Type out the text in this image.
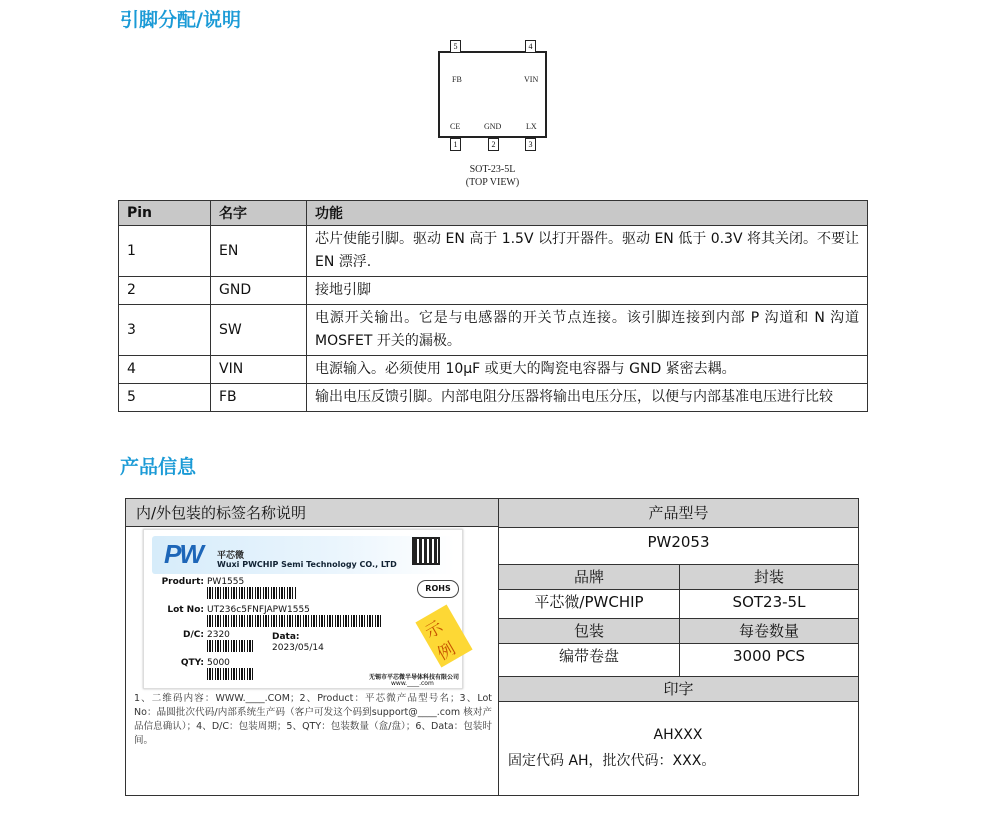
引脚分配/说明
5	4
1	2	3
FB	VIN
CE	GND	LX
SOT-23-5L
(TOP VIEW)
Pin	名字	功能
1	EN	芯片使能引脚。驱动 EN 高于 1.5V 以打开器件。驱动 EN 低于 0.3V 将其关闭。不要让 EN 漂浮.
2	GND	接地引脚
3	SW	电源开关输出。它是与电感器的开关节点连接。该引脚连接到内部 P 沟道和 N 沟道 MOSFET 开关的漏极。
4	VIN	电源输入。必须使用 10μF 或更大的陶瓷电容器与 GND 紧密去耦。
5	FB	输出电压反馈引脚。内部电阻分压器将输出电压分压，以便与内部基准电压进行比较
产品信息
内/外包装的标签名称说明	产品型号
PW2053
品牌	封装
平芯微/PWCHIP	SOT23-5L
包装	每卷数量
编带卷盘	3000 PCS
印字
AHXXX
固定代码 AH，批次代码：XXX。
PW 平芯微
Wuxi PWCHIP Semi Technology CO., LTD
Produrt: PW1555
Lot No: UT236c5FNFJAPW1555
D/C: 2320	Data:
2023/05/14
QTY: 5000
ROHS
示例
无锡市平芯微半导体科技有限公司
www.____.com
1、二维码内容：WWW.____.COM；2、Product：平芯微产品型号名；3、Lot No：晶圆批次代码/内部系统生产码（客户可发这个码到support@____.com 核对产品信息确认）；4、D/C：包装周期；5、QTY：包装数量（盒/盘）；6、Data：包装时间。
